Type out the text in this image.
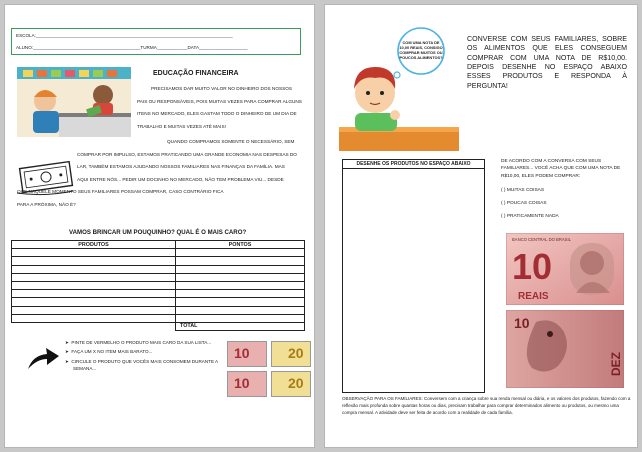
ESCOLA:_____________________________________________________________________________
ALUNO:__________________________________________TURMA____________DATA___________________
EDUCAÇÃO FINANCEIRA
PRECISAMOS DAR MUITO VALOR NO DINHEIRO DOS NOSSOS
PAIS OU RESPONSÁVEIS, POIS MUITAS VEZES PARA COMPRAR ALGUNS
ITENS NO MERCADO, ELES GASTAM TODO O DINHEIRO DE UM DIA DE
TRABALHO E MUITAS VEZES ATÉ MAIS!
QUANDO COMPRAMOS SOMENTE O NECESSÁRIO, SEM
COMPRAR POR IMPULSO, ESTAMOS PRATICANDO UMA GRANDE ECONOMIA NAS DESPESAS DO
LAR, TAMBÉM ESTAMOS AJUDANDO NOSSOS FAMILIARES NAS FINANÇAS DA FAMÍLIA. MAS
AQUI ENTRE NÓS... PEDIR UM DOCINHO NO MERCADO, NÃO TEM PROBLEMA VIU... DESDE
QUE NAQUELE MOMENTO SEUS FAMILIARES POSSAM COMPRAR, CASO CONTRÁRIO FICA
PARA A PRÓXIMA, NÃO É?
VAMOS BRINCAR UM POUQUINHO? QUAL É O MAIS CARO?
PRODUTOS	PONTOS

	TOTAL
➤ PINTE DE VERMELHO O PRODUTO MAIS CARO DA SUA LISTA...
➤ FAÇA UM X NO ITEM MAIS BARATO...
➤ CIRCULE O PRODUTO QUE VOCÊS MAIS CONSOMEM DURANTE A SEMANA...
10	20
10	20
COM UMA NOTA DE 10,00 REAIS, CONSIGO COMPRAR MUITOS OU POUCOS ALIMENTOS?
CONVERSE COM SEUS FAMILIARES, SOBRE OS ALIMENTOS QUE ELES CONSEGUEM COMPRAR COM UMA NOTA DE R$10,00. DEPOIS DESENHE NO ESPAÇO ABAIXO ESSES PRODUTOS E RESPONDA À PERGUNTA!
DESENHE OS PRODUTOS NO ESPAÇO ABAIXO	DE ACORDO COM A CONVERSA COM SEUS FAMILIARES... VOCÊ ACHA QUE COM UMA NOTA DE R$10,00, ELES PODEM COMPRAR:
( ) MUITAS COISAS
( ) POUCAS COISAS
( ) PRATICAMENTE NADA
BANCO CENTRAL DO BRASIL
10
REAIS
10
DEZ
OBSERVAÇÃO PARA OS FAMILIARES: Conversem com a criança sobre sua renda mensal ou diária, e os valores dos produtos, fazendo com a reflexão mais profunda sobre quantas horas ou dias, precisam trabalhar para comprar determinados alimento ou produtos, ou mesmo uma compra mensal. A atividade deve ser feita de acordo com a realidade de cada família.
